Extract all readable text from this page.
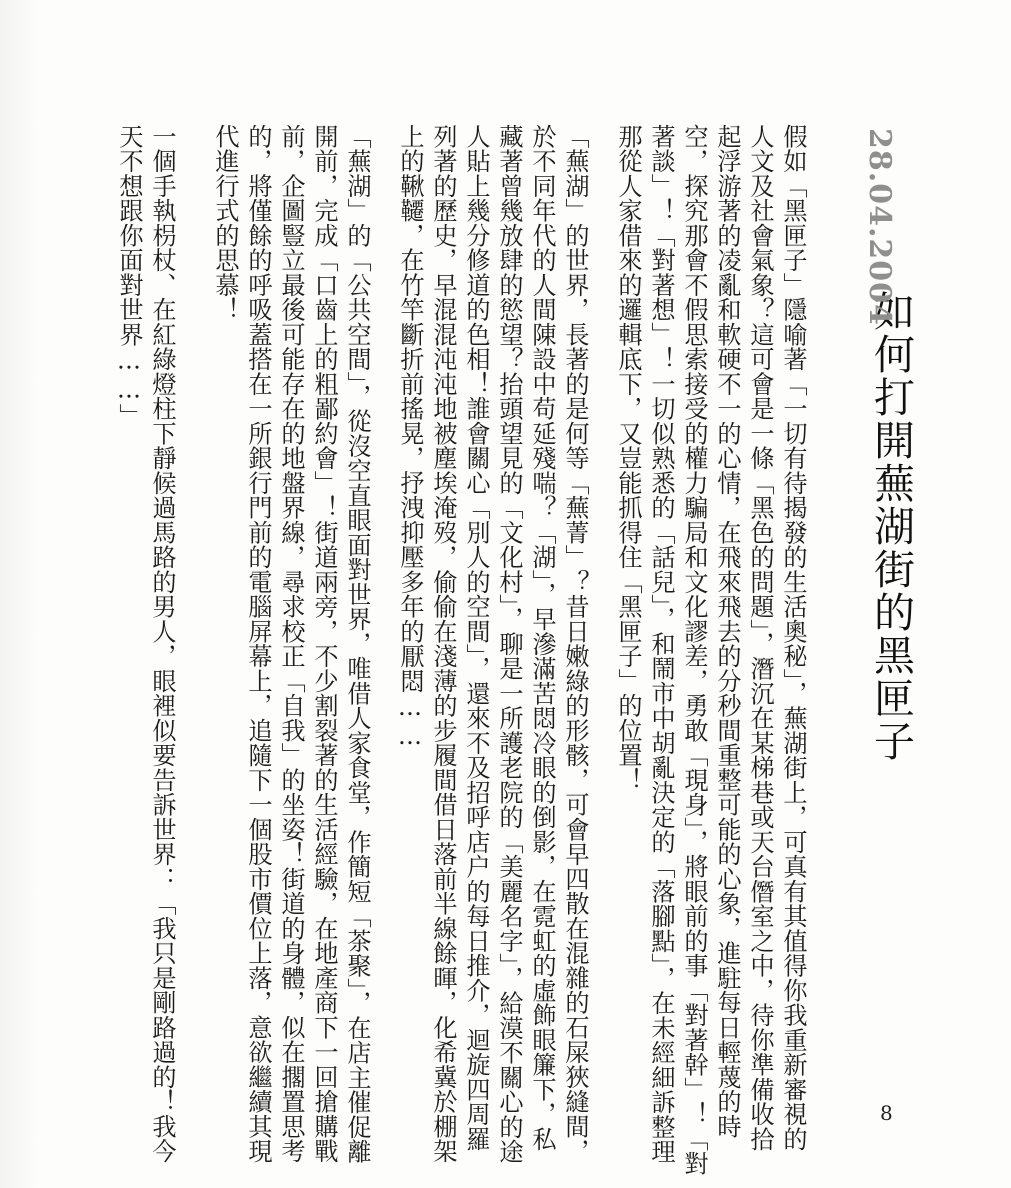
如何打開蕪湖街的黑匣子
28.04.2004
假如「黑匣子」隱喻著「一切有待揭發的生活奧秘」，蕪湖街上，可真有其值得你我重新審視的
人文及社會氣象？這可會是一條「黑色的問題」，潛沉在某梯巷或天台僭室之中，待你準備收拾
起浮游著的凌亂和軟硬不一的心情，在飛來飛去的分秒間重整可能的心象，進駐每日輕蔑的時
空，探究那會不假思索接受的權力騙局和文化謬差，勇敢「現身」，將眼前的事「對著幹」！「對
著談」！「對著想」！一切似熟悉的「話兒」，和鬧市中胡亂決定的「落腳點」，在未經細訴整理
那從人家借來的邏輯底下，又豈能抓得住「黑匣子」的位置！
「蕪湖」的世界，長著的是何等「蕪菁」？昔日嫩綠的形骸，可會早四散在混雜的石屎狹縫間，
於不同年代的人間陳設中苟延殘喘？「湖」，早滲滿苦悶冷眼的倒影，在霓虹的虛飾眼簾下，私
藏著曾幾放肆的慾望？抬頭望見的「文化村」，聊是一所護老院的「美麗名字」，給漠不關心的途
人貼上幾分修道的色相！誰會關心「別人的空間」，還來不及招呼店户的每日推介，迴旋四周羅
列著的歷史，早混混沌沌地被塵埃淹歿，偷偷在淺薄的步履間借日落前半線餘暉，化希冀於棚架
上的鞦韆，在竹竿斷折前搖晃，抒洩抑壓多年的厭悶……
「蕪湖」的「公共空間」，從沒空直眼面對世界，唯借人家食堂，作簡短「茶聚」，在店主催促離
開前，完成「口齒上的粗鄙約會」！街道兩旁，不少割裂著的生活經驗，在地產商下一回搶購戰
前，企圖豎立最後可能存在的地盤界線，尋求校正「自我」的坐姿！街道的身體，似在擱置思考
的，將僅餘的呼吸蓋搭在一所銀行門前的電腦屏幕上，追隨下一個股市價位上落，意欲繼續其現
代進行式的思慕！
一個手執枴杖、在紅綠燈柱下靜候過馬路的男人，眼裡似要告訴世界：「我只是剛路過的！我今
天不想跟你面對世界……」
8
